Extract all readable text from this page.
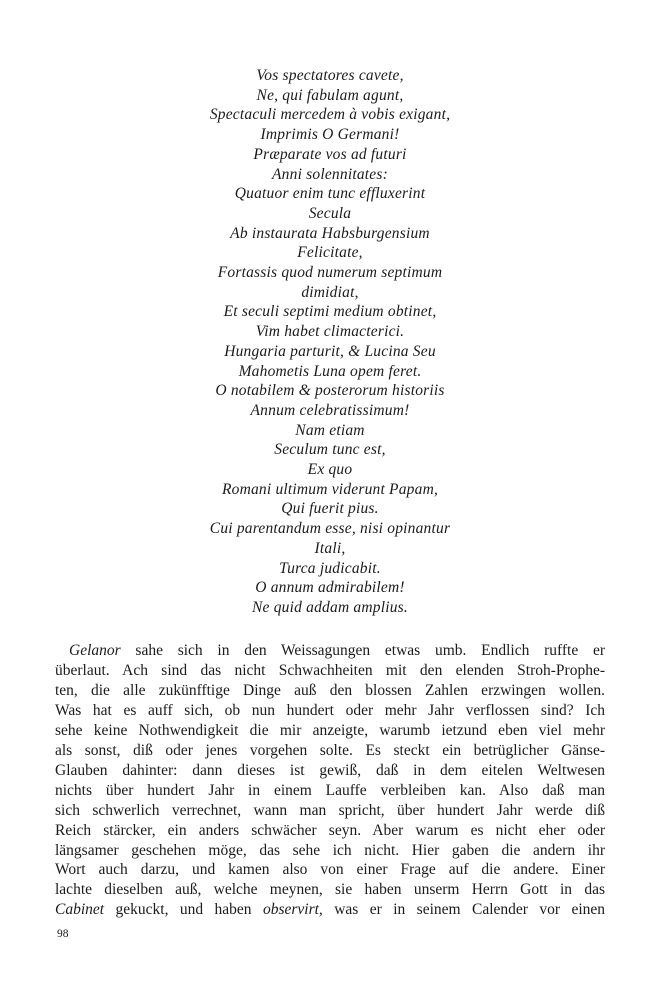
Vos spectatores cavete,
Ne, qui fabulam agunt,
Spectaculi mercedem à vobis exigant,
Imprimis O Germani!
Præparate vos ad futuri
Anni solennitates:
Quatuor enim tunc effluxerint
Secula
Ab instaurata Habsburgensium
Felicitate,
Fortassis quod numerum septimum
dimidiat,
Et seculi septimi medium obtinet,
Vim habet climacterici.
Hungaria parturit, & Lucina Seu
Mahometis Luna opem feret.
O notabilem & posterorum historiis
Annum celebratissimum!
Nam etiam
Seculum tunc est,
Ex quo
Romani ultimum viderunt Papam,
Qui fuerit pius.
Cui parentandum esse, nisi opinantur
Itali,
Turca judicabit.
O annum admirabilem!
Ne quid addam amplius.
Gelanor sahe sich in den Weissagungen etwas umb. Endlich ruffte er
überlaut. Ach sind das nicht Schwachheiten mit den elenden Stroh-Prophe-
ten, die alle zukünfftige Dinge auß den blossen Zahlen erzwingen wollen.
Was hat es auff sich, ob nun hundert oder mehr Jahr verflossen sind? Ich
sehe keine Nothwendigkeit die mir anzeigte, warumb ietzund eben viel mehr
als sonst, diß oder jenes vorgehen solte. Es steckt ein betrüglicher Gänse-
Glauben dahinter: dann dieses ist gewiß, daß in dem eitelen Weltwesen
nichts über hundert Jahr in einem Lauffe verbleiben kan. Also daß man
sich schwerlich verrechnet, wann man spricht, über hundert Jahr werde diß
Reich stärcker, ein anders schwächer seyn. Aber warum es nicht eher oder
längsamer geschehen möge, das sehe ich nicht. Hier gaben die andern ihr
Wort auch darzu, und kamen also von einer Frage auf die andere. Einer
lachte dieselben auß, welche meynen, sie haben unserm Herrn Gott in das
Cabinet gekuckt, und haben observirt, was er in seinem Calender vor einen
98
